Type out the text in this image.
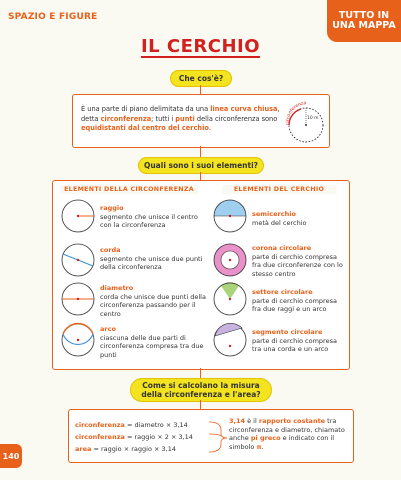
SPAZIO E FIGURE	TUTTO IN
UNA MAPPA
IL CERCHIO
Che cos'è?
È una parte di piano delimitata da una linea curva chiusa, detta circonferenza; tutti i punti della circonferenza sono equidistanti dal centro del cerchio.
circonferenza
10 m
Quali sono i suoi elementi?
ELEMENTI DELLA CIRCONFERENZA	ELEMENTI DEL CERCHIO
raggio
segmento che unisce il centro con la circonferenza
corda
segmento che unisce due punti della circonferenza
diametro
corda che unisce due punti della circonferenza passando per il centro
arco
ciascuna delle due parti di circonferenza compresa tra due punti
semicerchio
metà del cerchio
corona circolare
parte di cerchio compresa fra due circonferenze con lo stesso centro
settore circolare
parte di cerchio compresa fra due raggi e un arco
segmento circolare
parte di cerchio compresa tra una corda e un arco
Come si calcolano la misura
della circonferenza e l'area?
circonferenza = diametro × 3,14
circonferenza = raggio × 2 × 3,14
area = raggio × raggio × 3,14
3,14 è il rapporto costante tra circonferenza e diametro, chiamato anche pi greco e indicato con il simbolo π.
140
